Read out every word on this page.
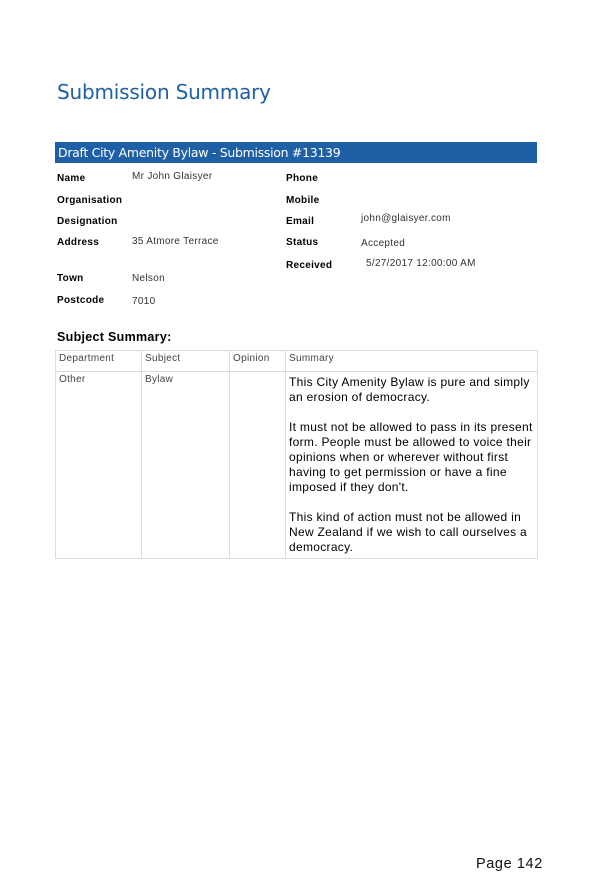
Submission Summary
Draft City Amenity Bylaw - Submission #13139
Name	Mr John Glaisyer
Organisation
Designation
Address	35 Atmore Terrace
Town	Nelson
Postcode	7010
Phone
Mobile
Email	john@glaisyer.com
Status	Accepted
Received	5/27/2017 12:00:00 AM
Subject Summary:
Department	Subject	Opinion	Summary
Other	Bylaw		This City Amenity Bylaw is pure and simply an erosion of democracy.

It must not be allowed to pass in its present form. People must be allowed to voice their opinions when or wherever without first having to get permission or have a fine imposed if they don't.

This kind of action must not be allowed in New Zealand if we wish to call ourselves a democracy.

Page 142
